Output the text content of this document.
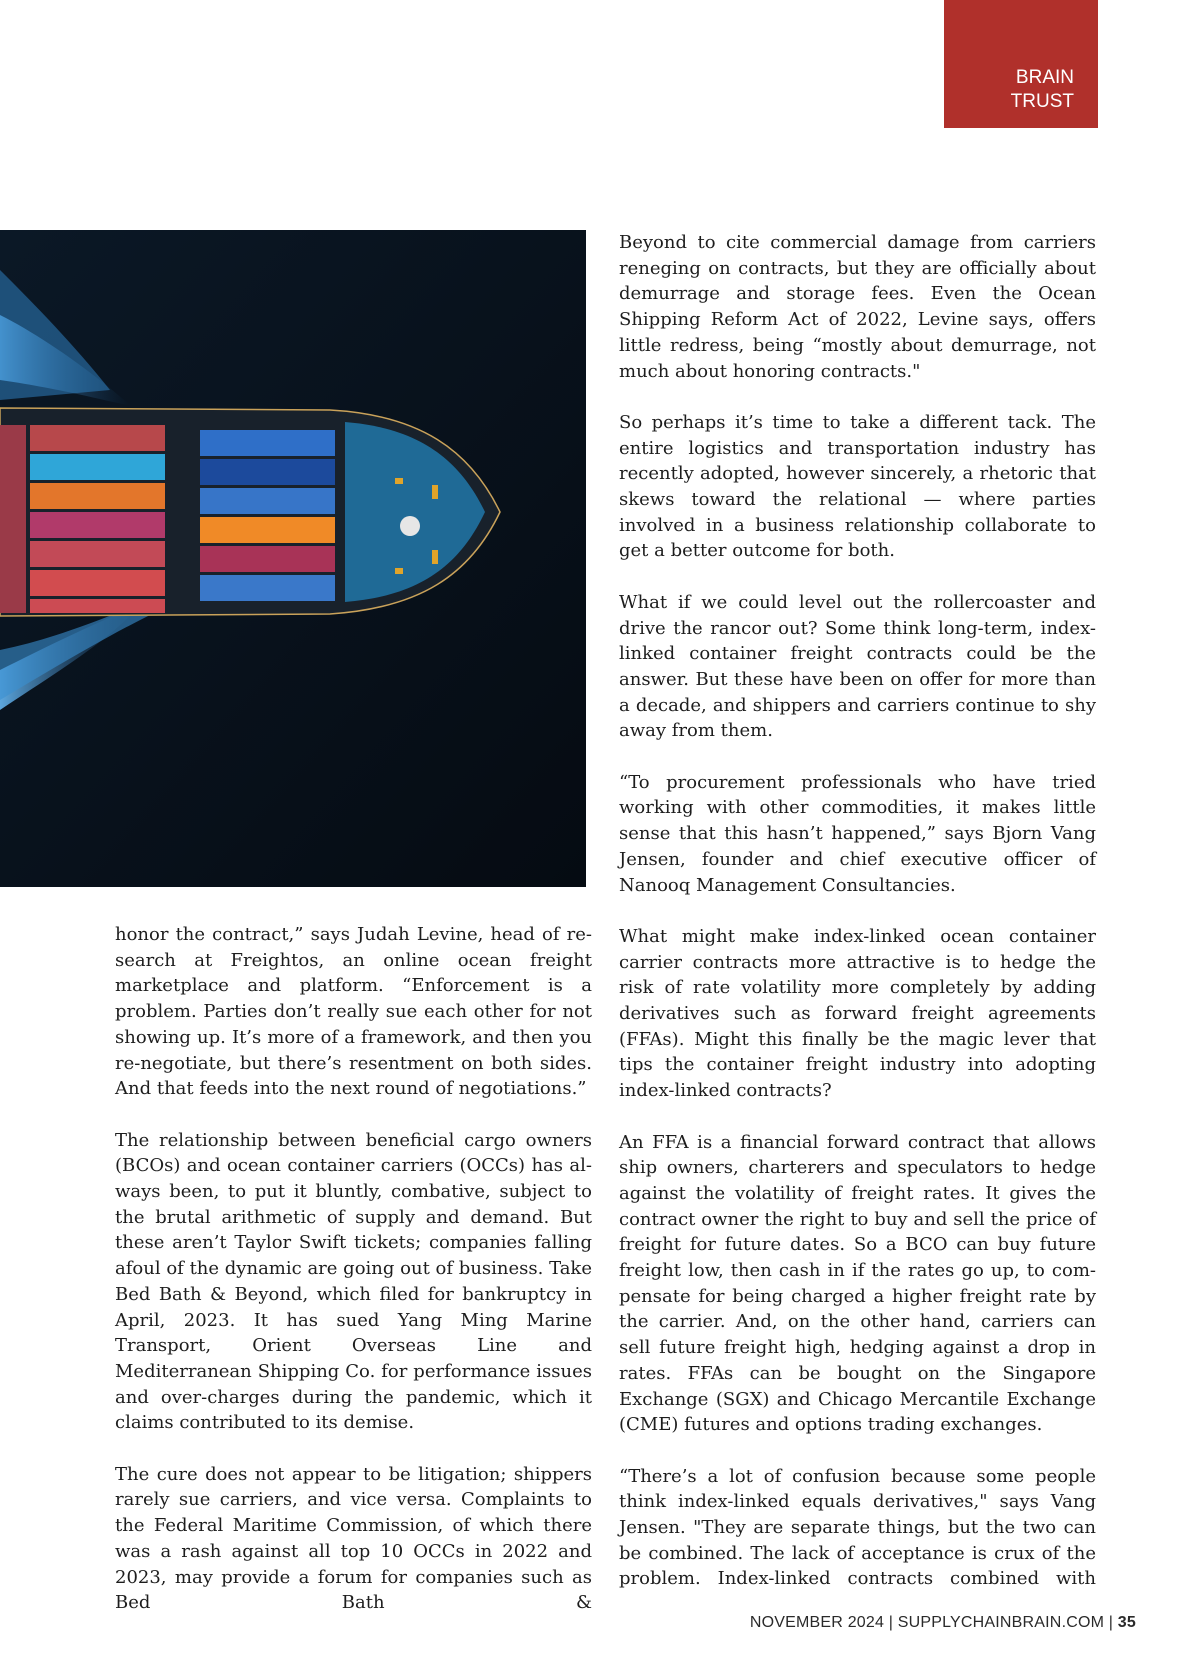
BRAIN
TRUST

honor the contract,” says Judah Levine, head of research at Freightos, an online ocean freight marketplace and platform. “Enforcement is a problem. Parties don’t really sue each other for not showing up. It’s more of a framework, and then you re-negotiate, but there’s resentment on both sides. And that feeds into the next round of negotiations.”

The relationship between beneficial cargo owners (BCOs) and ocean container carriers (OCCs) has always been, to put it bluntly, combative, subject to the brutal arithmetic of supply and demand. But these aren’t Taylor Swift tickets; companies falling afoul of the dynamic are going out of business. Take Bed Bath & Beyond, which filed for bankruptcy in April, 2023. It has sued Yang Ming Marine Transport, Orient Overseas Line and Mediterranean Shipping Co. for performance issues and over-charges during the pandemic, which it claims contributed to its demise.

The cure does not appear to be litigation; shippers rarely sue carriers, and vice versa. Complaints to the Federal Maritime Commission, of which there was a rash against all top 10 OCCs in 2022 and 2023, may provide a forum for companies such as Bed Bath &

Beyond to cite commercial damage from carriers reneging on contracts, but they are officially about demurrage and storage fees. Even the Ocean Shipping Reform Act of 2022, Levine says, offers little redress, being “mostly about demurrage, not much about honoring contracts."

So perhaps it’s time to take a different tack. The entire logistics and transportation industry has recently adopted, however sincerely, a rhetoric that skews toward the relational — where parties involved in a business relationship collaborate to get a better outcome for both.

What if we could level out the rollercoaster and drive the rancor out? Some think long-term, index-linked container freight contracts could be the answer. But these have been on offer for more than a decade, and shippers and carriers continue to shy away from them.

“To procurement professionals who have tried working with other commodities, it makes little sense that this hasn’t happened,” says Bjorn Vang Jensen, founder and chief executive officer of Nanooq Management Consultancies.

What might make index-linked ocean container carrier contracts more attractive is to hedge the risk of rate volatility more completely by adding derivatives such as forward freight agreements (FFAs). Might this finally be the magic lever that tips the container freight industry into adopting index-linked contracts?

An FFA is a financial forward contract that allows ship owners, charterers and speculators to hedge against the volatility of freight rates. It gives the contract owner the right to buy and sell the price of freight for future dates. So a BCO can buy future freight low, then cash in if the rates go up, to compensate for being charged a higher freight rate by the carrier. And, on the other hand, carriers can sell future freight high, hedging against a drop in rates. FFAs can be bought on the Singapore Exchange (SGX) and Chicago Mercantile Exchange (CME) futures and options trading exchanges.

“There’s a lot of confusion because some people think index-linked equals derivatives," says Vang Jensen. "They are separate things, but the two can be combined. The lack of acceptance is crux of the problem. Index-linked contracts combined with

NOVEMBER 2024 | SUPPLYCHAINBRAIN.COM | 35
